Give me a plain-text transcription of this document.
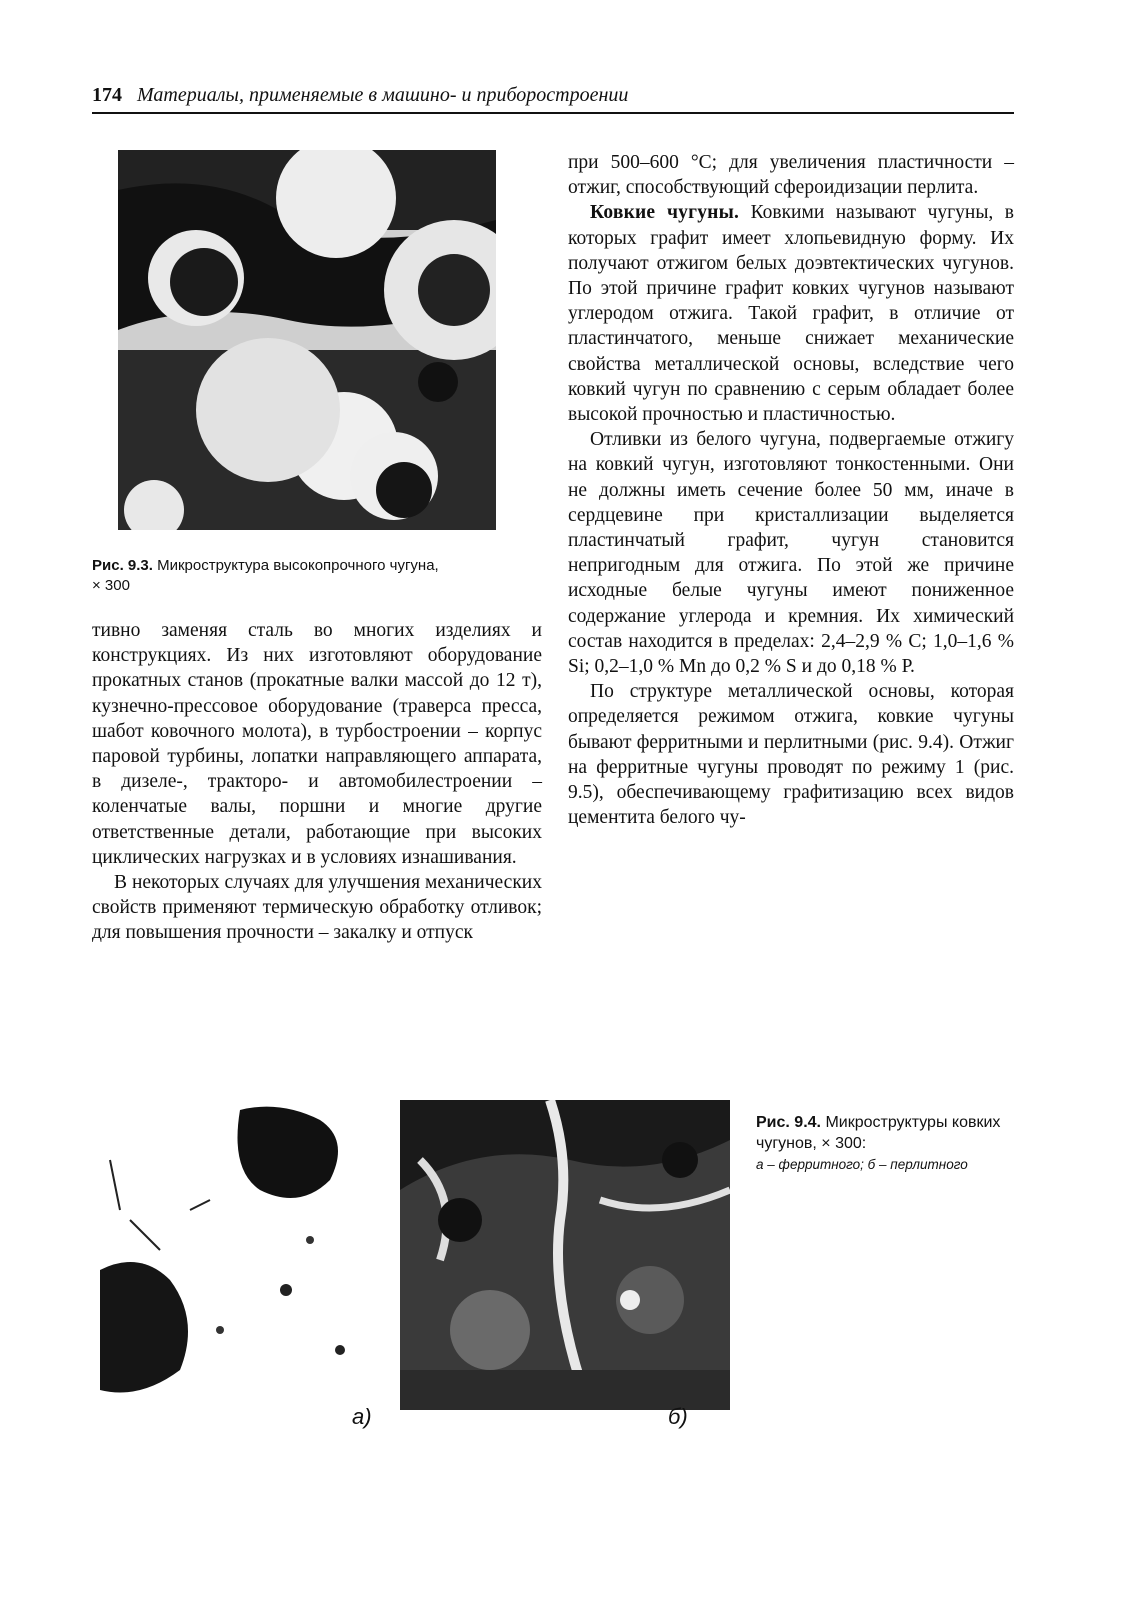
174 Материалы, применяемые в машино- и приборостроении
Рис. 9.3. Микроструктура высокопрочного чугуна,
× 300

тивно заменяя сталь во многих изделиях и конструкциях. Из них изготовляют оборудование прокатных станов (прокатные валки массой до 12 т), кузнечно-прессовое оборудование (траверса пресса, шабот ковочного молота), в турбостроении – корпус паровой турбины, лопатки направляющего аппарата, в дизеле-, тракторо- и автомобилестроении – коленчатые валы, поршни и многие другие ответственные детали, работающие при высоких циклических нагрузках и в условиях изнашивания.

В некоторых случаях для улучшения механических свойств применяют термическую обработку отливок; для повышения прочности – закалку и отпуск

при 500–600 °С; для увеличения пластичности – отжиг, способствующий сфероидизации перлита.

Ковкие чугуны. Ковкими называют чугуны, в которых графит имеет хлопьевидную форму. Их получают отжигом белых доэвтектических чугунов. По этой причине графит ковких чугунов называют углеродом отжига. Такой графит, в отличие от пластинчатого, меньше снижает механические свойства металлической основы, вследствие чего ковкий чугун по сравнению с серым обладает более высокой прочностью и пластичностью.

Отливки из белого чугуна, подвергаемые отжигу на ковкий чугун, изготовляют тонкостенными. Они не должны иметь сечение более 50 мм, иначе в сердцевине при кристаллизации выделяется пластинчатый графит, чугун становится непригодным для отжига. По этой же причине исходные белые чугуны имеют пониженное содержание углерода и кремния. Их химический состав находится в пределах: 2,4–2,9 % С; 1,0–1,6 % Si; 0,2–1,0 % Mn до 0,2 % S и до 0,18 % Р.

По структуре металлической основы, которая определяется режимом отжига, ковкие чугуны бывают ферритными и перлитными (рис. 9.4). Отжиг на ферритные чугуны проводят по режиму 1 (рис. 9.5), обеспечивающему графитизацию всех видов цементита белого чу-

а)	б)
Рис. 9.4. Микроструктуры ковких чугунов, × 300:
а – ферритного; б – перлитного
